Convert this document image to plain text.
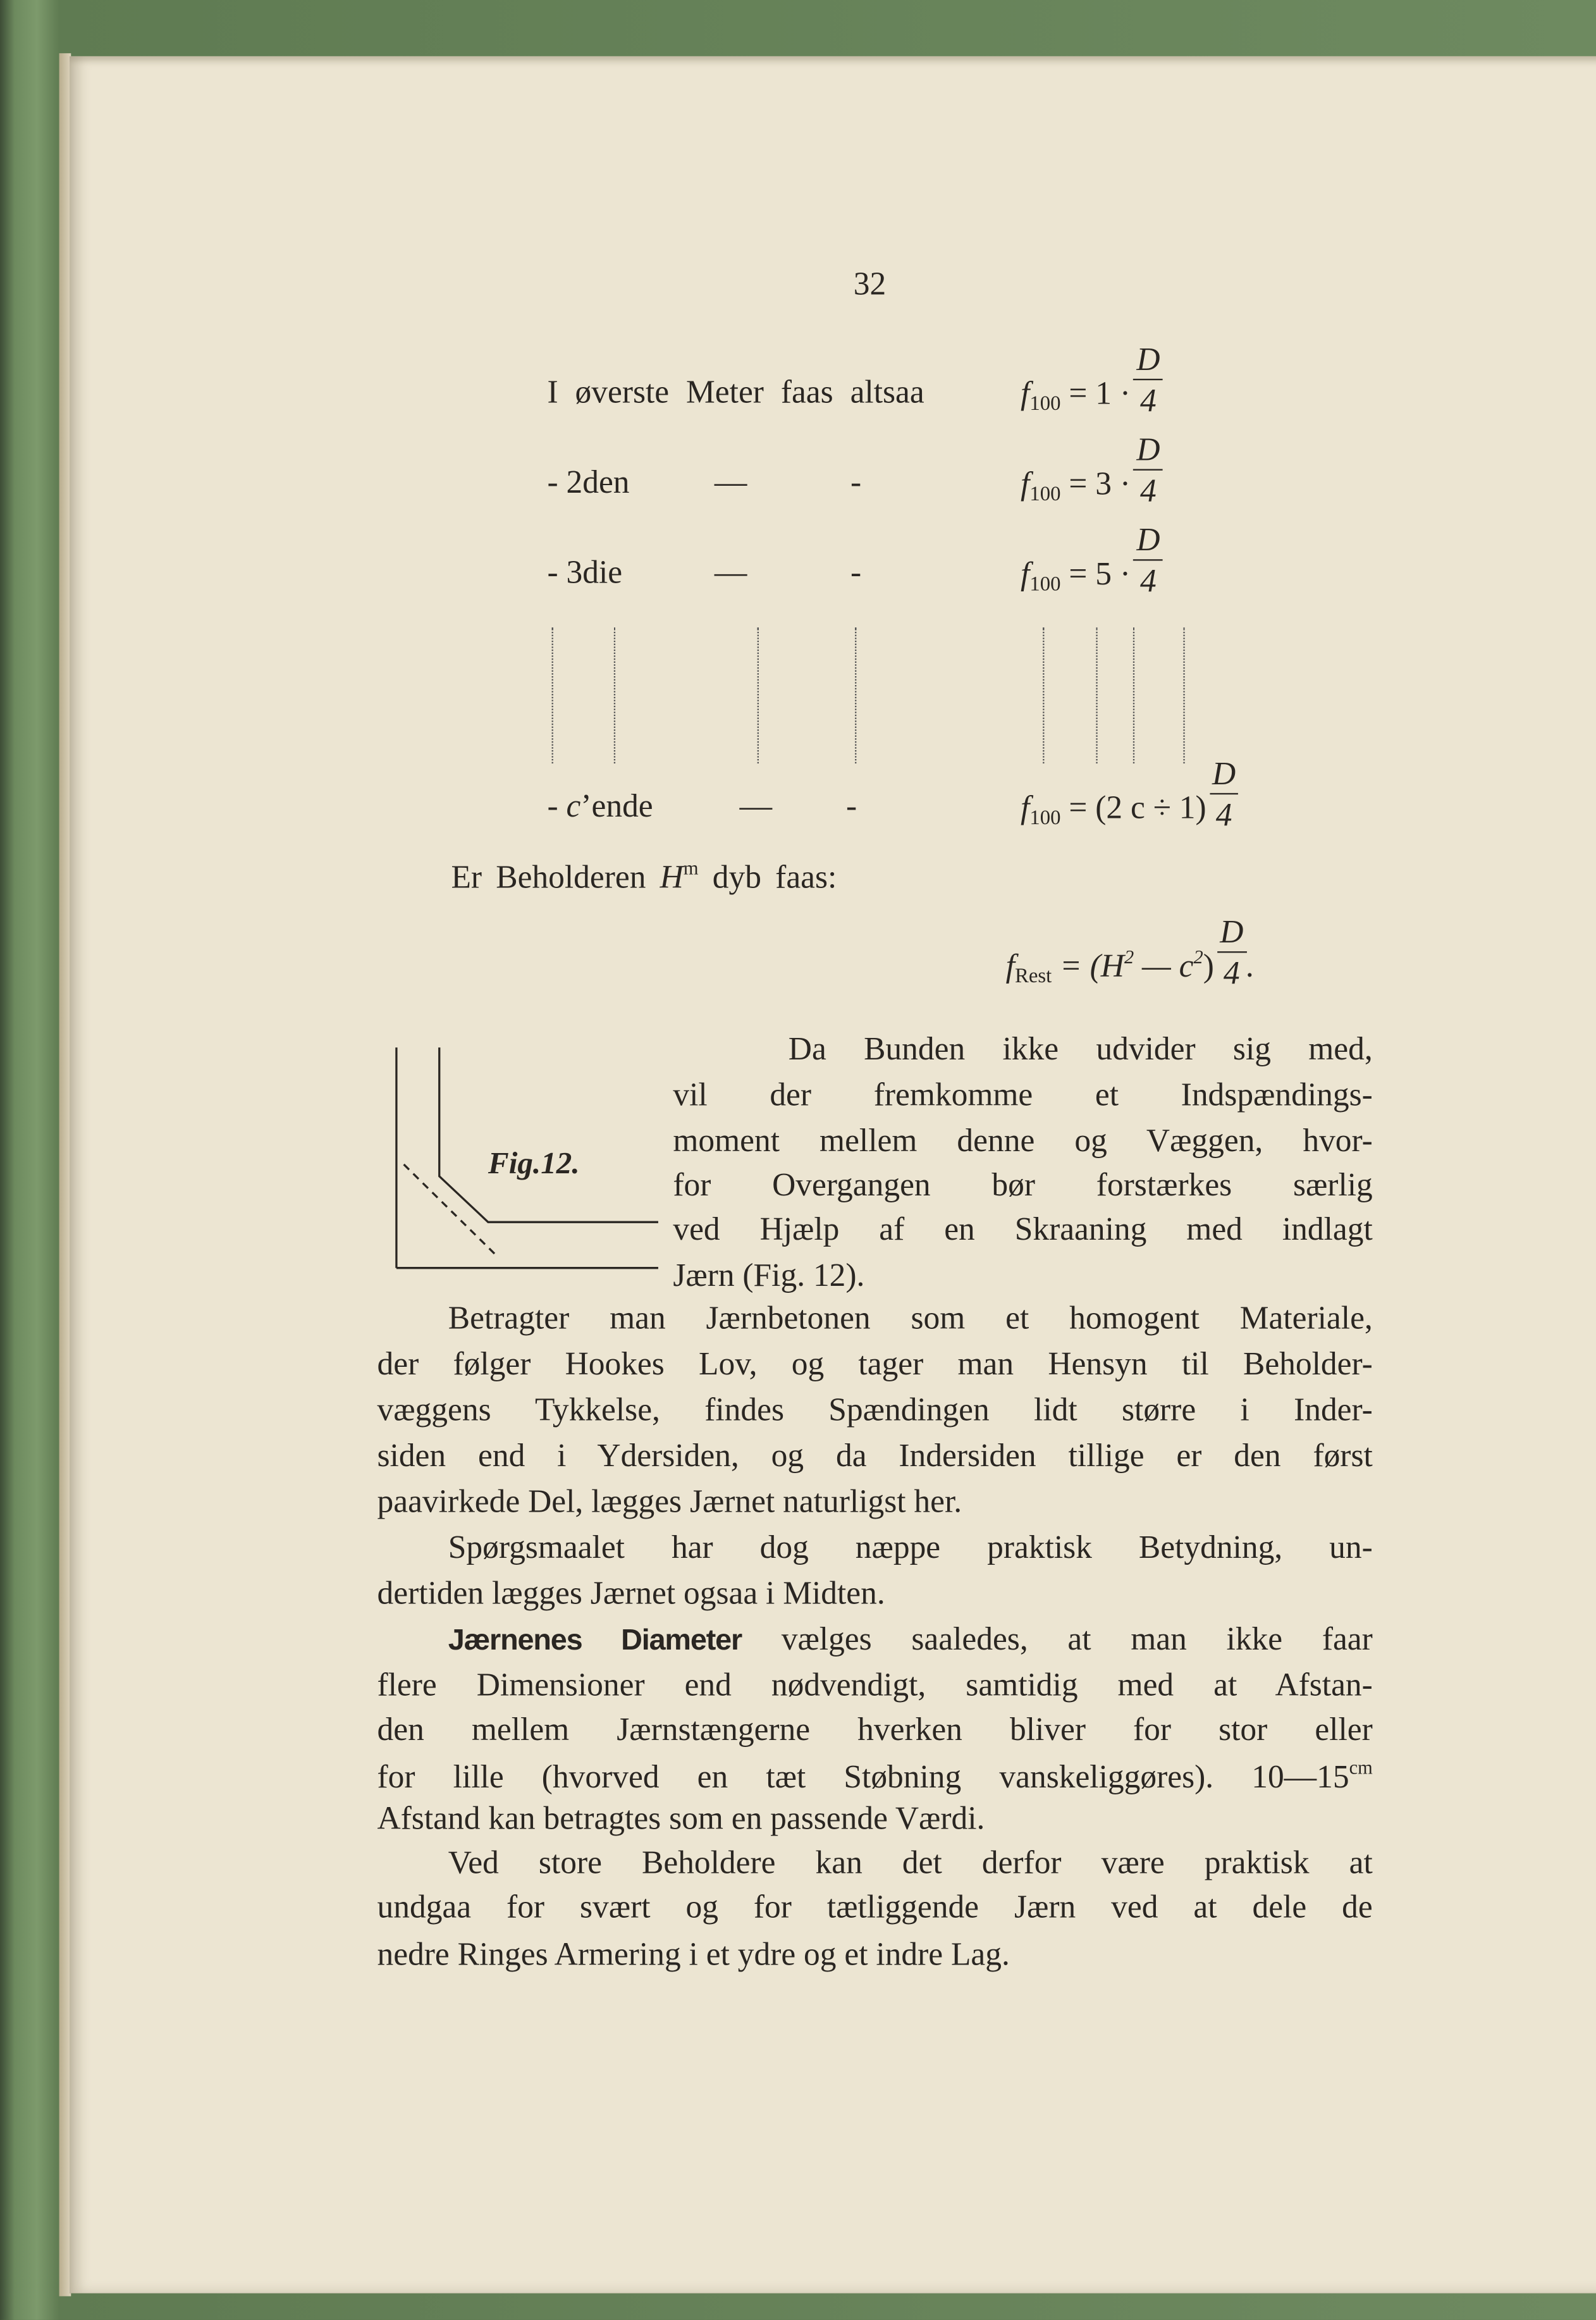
32
I øverste Meter faas altsaa	$f_{100} = 1 \cdot \frac{D}{4}$
- 2den	—	-	$f_{100} = 3 \cdot \frac{D}{4}$
- 3die	—	-	$f_{100} = 5 \cdot \frac{D}{4}$
- c’ende	—	-	$f_{100} = (2$ $c \div 1) \frac{D}{4}$
Er Beholderen $H^m$ dyb faas:
$f_{Rest} = (H^2$ — $c^2) \frac{D}{4}$ .
Fig.12.
Da Bunden ikke udvider sig med,
vil der fremkomme et Indspændings-
moment mellem denne og Væggen, hvor-
for Overgangen bør forstærkes særlig
ved Hjælp af en Skraaning med indlagt
Jærn (Fig. 12).
Betragter man Jærnbetonen som et homogent Materiale,
der følger Hookes Lov, og tager man Hensyn til Beholder-
væggens Tykkelse, findes Spændingen lidt større i Inder-
siden end i Ydersiden, og da Indersiden tillige er den først
paavirkede Del, lægges Jærnet naturligst her.
Spørgsmaalet har dog næppe praktisk Betydning, un-
dertiden lægges Jærnet ogsaa i Midten.
Jærnenes Diameter	vælges saaledes, at man ikke faar
flere Dimensioner end nødvendigt, samtidig med at Afstan-
den mellem Jærnstængerne hverken bliver for stor eller
for lille (hvorved en tæt Støbning vanskeliggøres). $10—15^{cm}$
Afstand kan betragtes som en passende Værdi.
Ved store Beholdere kan det derfor være praktisk at
undgaa for svært og for tætliggende Jærn ved at dele de
nedre Ringes Armering i et ydre og et indre Lag.
